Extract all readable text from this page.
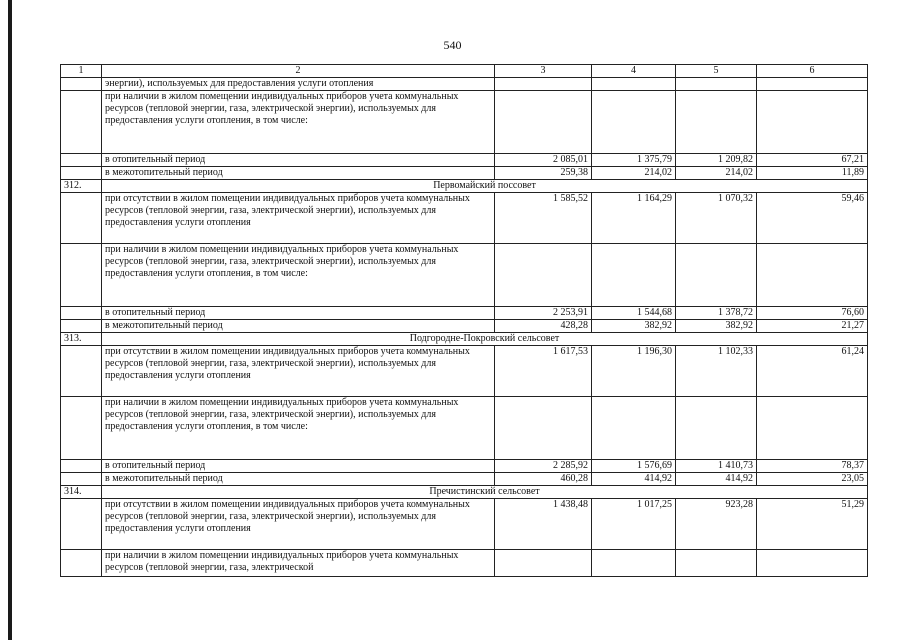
540
1	2	3	4	5	6
	энергии), используемых для предоставления услуги отопления				
	при наличии в жилом помещении индивидуальных приборов учета коммунальных ресурсов (тепловой энергии, газа, электрической энергии), используемых для предоставления услуги отопления, в том числе:				
	в отопительный период	2 085,01	1 375,79	1 209,82	67,21
	в межотопительный период	259,38	214,02	214,02	11,89
312.	Первомайский поссовет				
	при отсутствии в жилом помещении индивидуальных приборов учета коммунальных ресурсов (тепловой энергии, газа, электрической энергии), используемых для предоставления услуги отопления	1 585,52	1 164,29	1 070,32	59,46
	при наличии в жилом помещении индивидуальных приборов учета коммунальных ресурсов (тепловой энергии, газа, электрической энергии), используемых для предоставления услуги отопления, в том числе:				
	в отопительный период	2 253,91	1 544,68	1 378,72	76,60
	в межотопительный период	428,28	382,92	382,92	21,27
313.	Подгородне-Покровский сельсовет				
	при отсутствии в жилом помещении индивидуальных приборов учета коммунальных ресурсов (тепловой энергии, газа, электрической энергии), используемых для предоставления услуги отопления	1 617,53	1 196,30	1 102,33	61,24
	при наличии в жилом помещении индивидуальных приборов учета коммунальных ресурсов (тепловой энергии, газа, электрической энергии), используемых для предоставления услуги отопления, в том числе:				
	в отопительный период	2 285,92	1 576,69	1 410,73	78,37
	в межотопительный период	460,28	414,92	414,92	23,05
314.	Пречистинский сельсовет				
	при отсутствии в жилом помещении индивидуальных приборов учета коммунальных ресурсов (тепловой энергии, газа, электрической энергии), используемых для предоставления услуги отопления	1 438,48	1 017,25	923,28	51,29
	при наличии в жилом помещении индивидуальных приборов учета коммунальных ресурсов (тепловой энергии, газа, электрической				
